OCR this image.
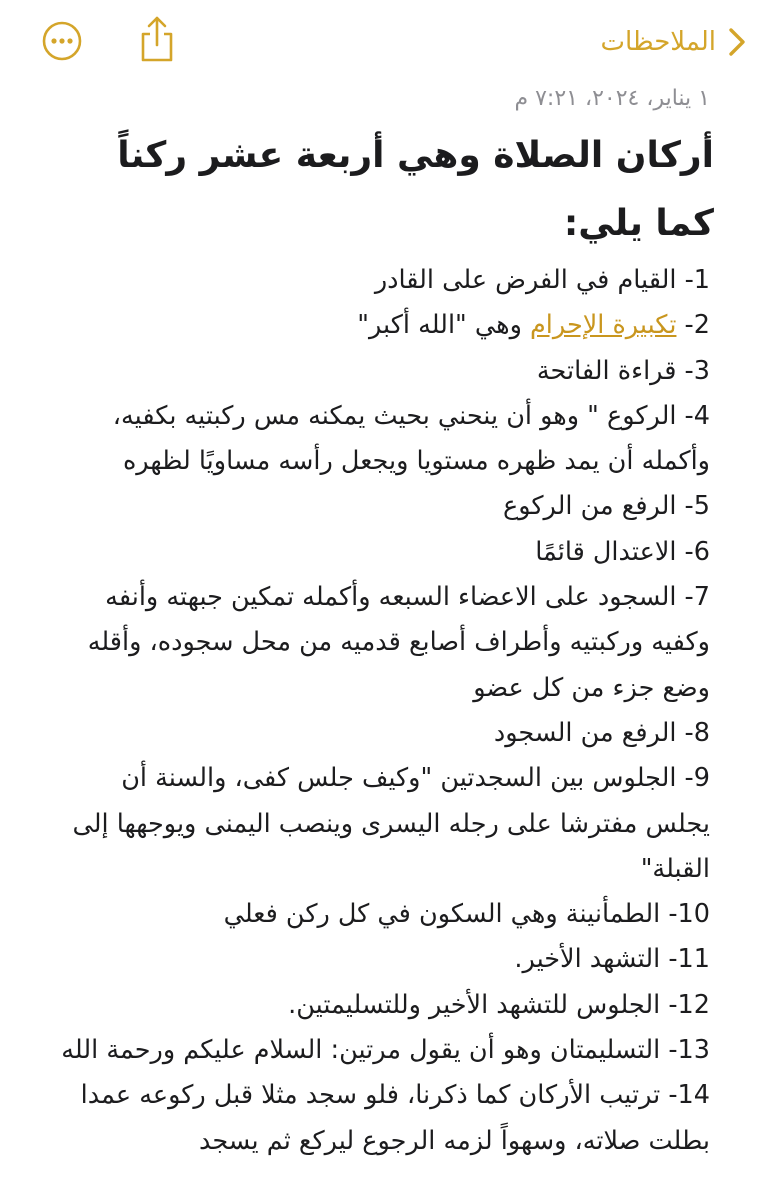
الملاحظات
١ يناير، ٢٠٢٤، ٧:٢١ م
أركان الصلاة وهي أربعة عشر ركناً كما يلي:
1- القيام في الفرض على القادر
2- تكبيرة الإحرام وهي "الله أكبر"
3- قراءة الفاتحة
4- الركوع " وهو أن ينحني بحيث يمكنه مس ركبتيه بكفيه، وأكمله أن يمد ظهره مستويا ويجعل رأسه مساويًا لظهره
5- الرفع من الركوع
6- الاعتدال قائمًا
7- السجود على الاعضاء السبعه وأكمله تمكين جبهته وأنفه وكفيه وركبتيه وأطراف أصابع قدميه من محل سجوده، وأقله وضع جزء من كل عضو
8- الرفع من السجود
9- الجلوس بين السجدتين "وكيف جلس كفى، والسنة أن يجلس مفترشا على رجله اليسرى وينصب اليمنى ويوجهها إلى القبلة"
10- الطمأنينة وهي السكون في كل ركن فعلي
11- التشهد الأخير.
12- الجلوس للتشهد الأخير وللتسليمتين.
13- التسليمتان وهو أن يقول مرتين: السلام عليكم ورحمة الله
14- ترتيب الأركان كما ذكرنا، فلو سجد مثلا قبل ركوعه عمدا بطلت صلاته، وسهواً لزمه الرجوع ليركع ثم يسجد
